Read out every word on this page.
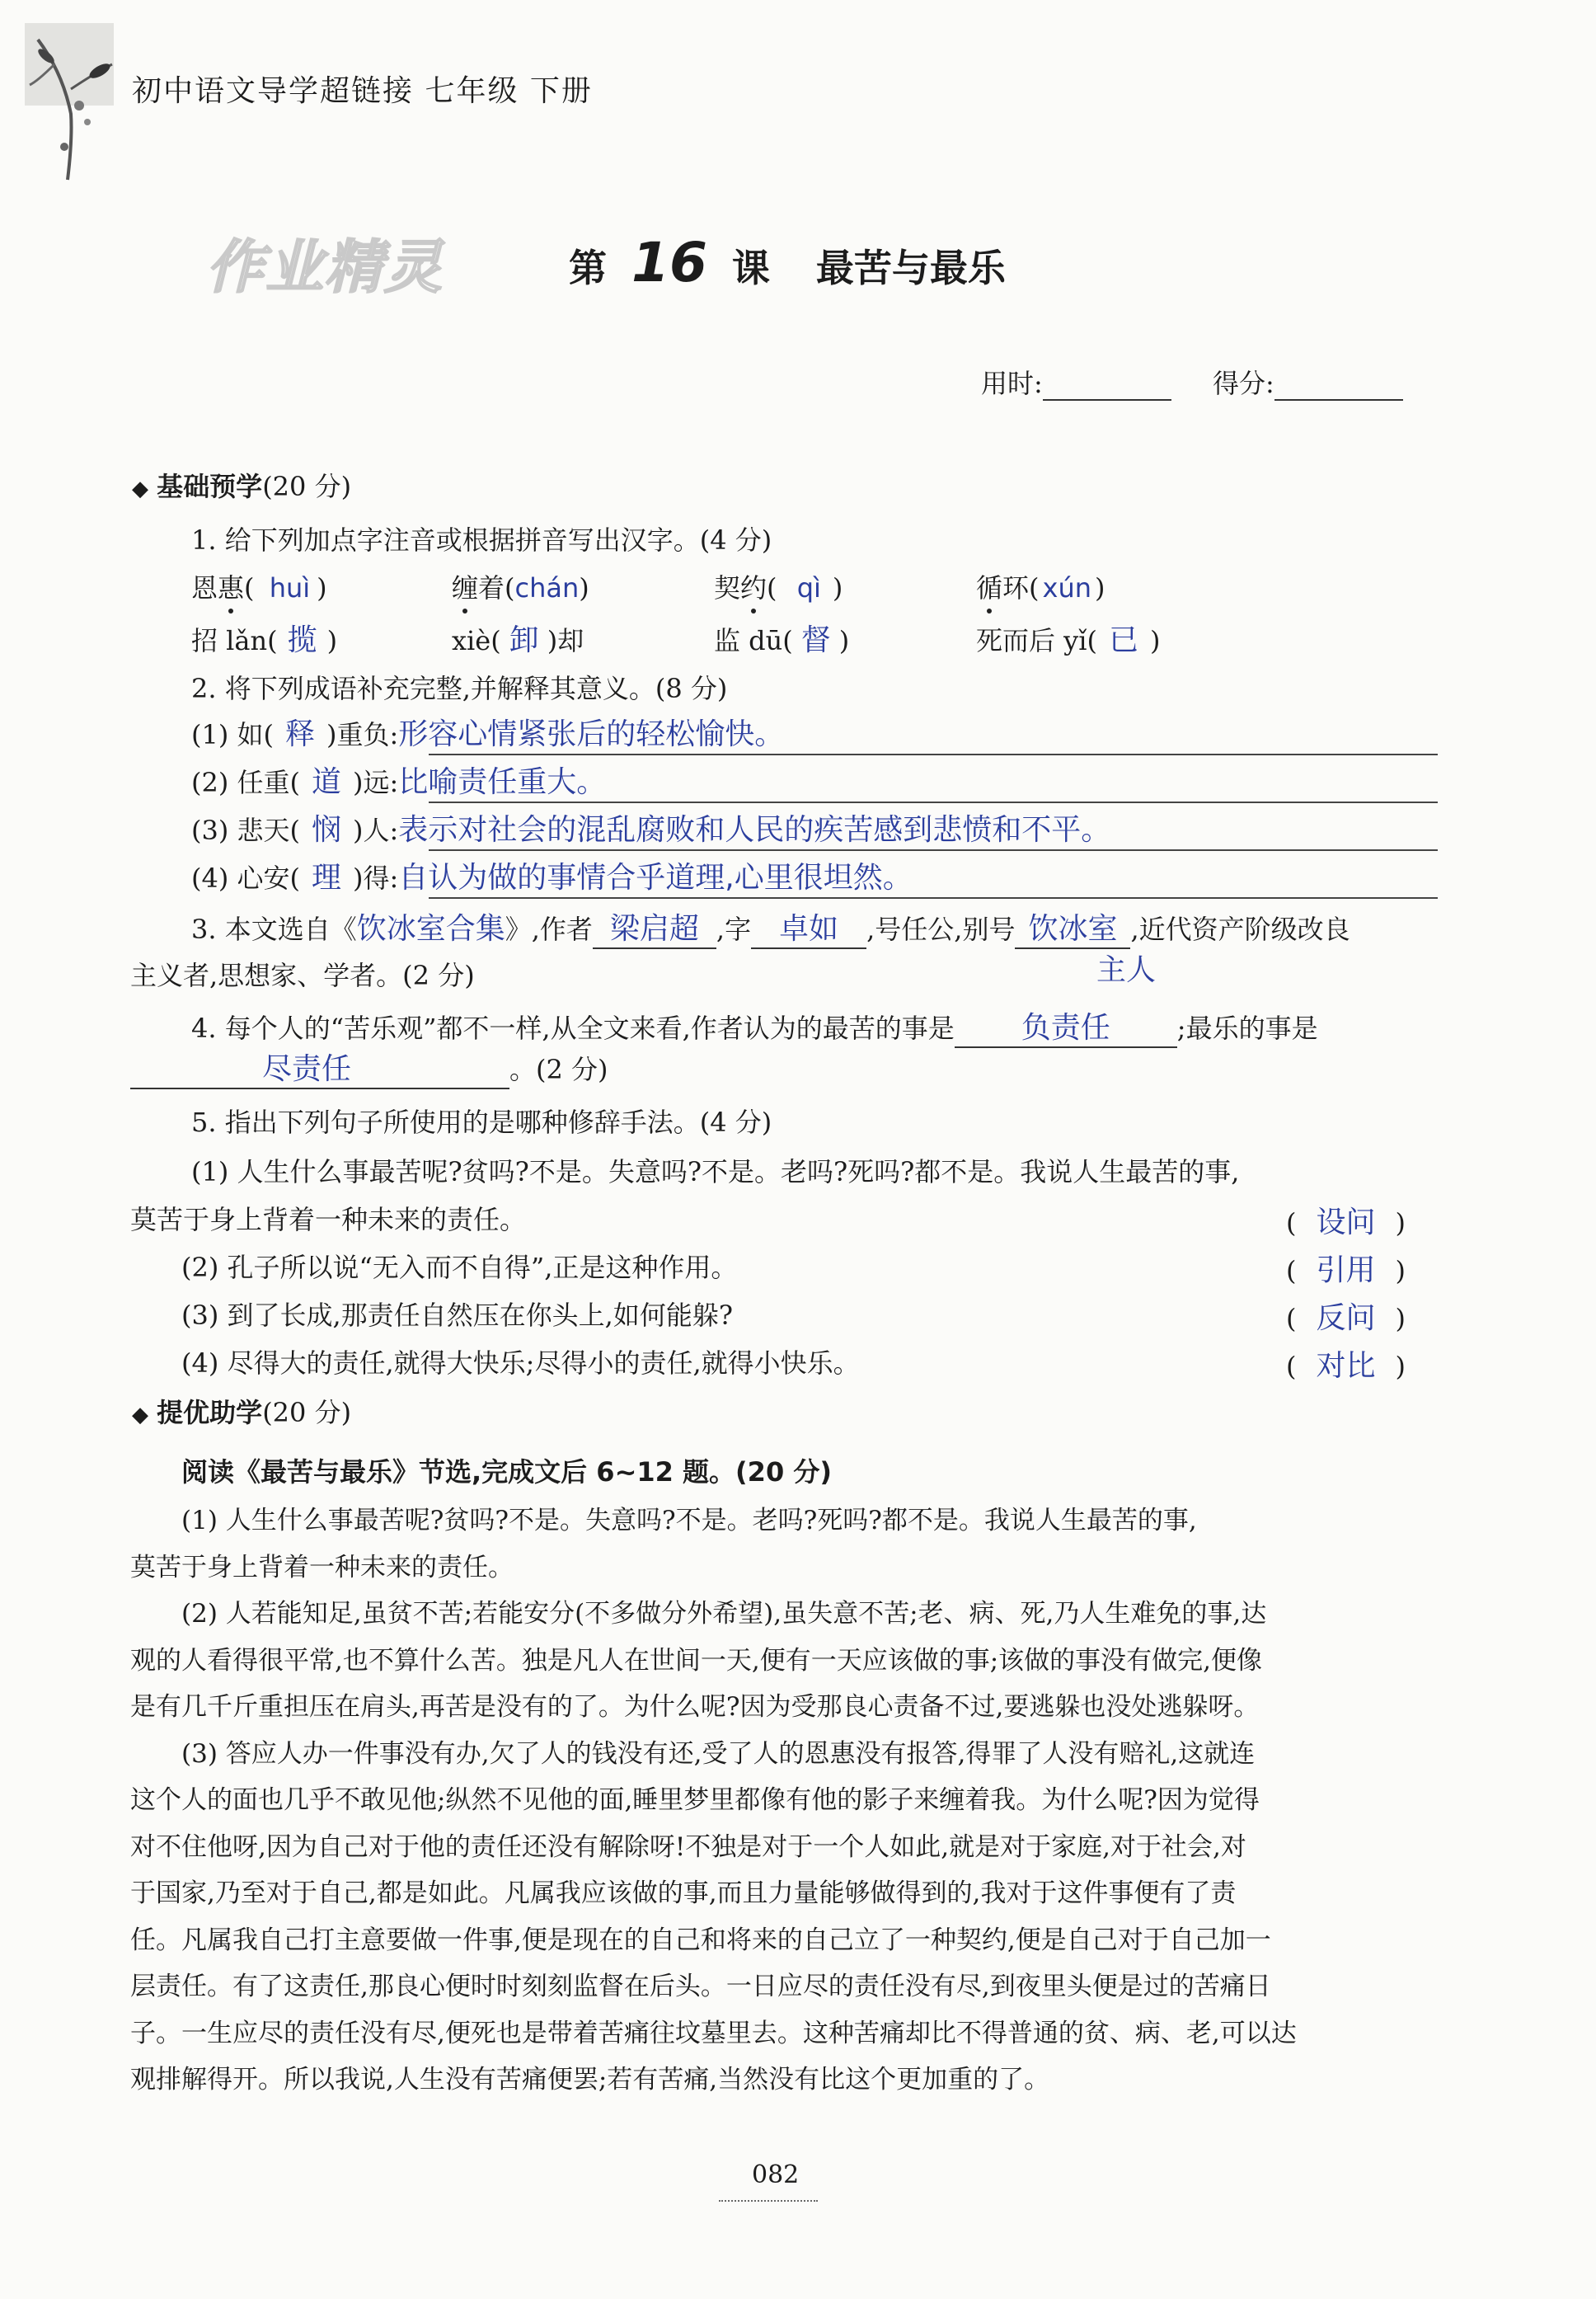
初中语文导学超链接 七年级 下册
作业精灵	第 16 课 最苦与最乐
用时:	得分:
◆ 基础预学(20 分)
1. 给下列加点字注音或根据拼音写出汉字。(4 分)
恩惠( huì )	缠着(chán)	契约( qì )	循环( xún )
招 lǎn( 揽 )	xiè( 卸 )却	监 dū( 督 )	死而后 yǐ( 已 )
2. 将下列成语补充完整,并解释其意义。(8 分)
(1) 如( 释 )重负:形容心情紧张后的轻松愉快。
(2) 任重( 道 )远:比喻责任重大。
(3) 悲天( 悯 )人:表示对社会的混乱腐败和人民的疾苦感到悲愤和不平。
(4) 心安( 理 )得:自认为做的事情合乎道理,心里很坦然。
3. 本文选自《饮冰室合集》,作者 梁启超 ,字 卓如 ,号任公,别号 饮冰室 ,近代资产阶级改良
主人
主义者,思想家、学者。(2 分)
4. 每个人的“苦乐观”都不一样,从全文来看,作者认为的最苦的事是 负责任	;最乐的事是
尽责任	。(2 分)
5. 指出下列句子所使用的是哪种修辞手法。(4 分)
(1) 人生什么事最苦呢?贫吗?不是。失意吗?不是。老吗?死吗?都不是。我说人生最苦的事,
莫苦于身上背着一种未来的责任。	( 设问 )
(2) 孔子所以说“无入而不自得”,正是这种作用。	( 引用 )
(3) 到了长成,那责任自然压在你头上,如何能躲?	( 反问 )
(4) 尽得大的责任,就得大快乐;尽得小的责任,就得小快乐。	( 对比 )
◆ 提优助学(20 分)
阅读《最苦与最乐》节选,完成文后 6~12 题。(20 分)
(1) 人生什么事最苦呢?贫吗?不是。失意吗?不是。老吗?死吗?都不是。我说人生最苦的事,
莫苦于身上背着一种未来的责任。
(2) 人若能知足,虽贫不苦;若能安分(不多做分外希望),虽失意不苦;老、病、死,乃人生难免的事,达
观的人看得很平常,也不算什么苦。独是凡人在世间一天,便有一天应该做的事;该做的事没有做完,便像
是有几千斤重担压在肩头,再苦是没有的了。为什么呢?因为受那良心责备不过,要逃躲也没处逃躲呀。
(3) 答应人办一件事没有办,欠了人的钱没有还,受了人的恩惠没有报答,得罪了人没有赔礼,这就连
这个人的面也几乎不敢见他;纵然不见他的面,睡里梦里都像有他的影子来缠着我。为什么呢?因为觉得
对不住他呀,因为自己对于他的责任还没有解除呀!不独是对于一个人如此,就是对于家庭,对于社会,对
于国家,乃至对于自己,都是如此。凡属我应该做的事,而且力量能够做得到的,我对于这件事便有了责
任。凡属我自己打主意要做一件事,便是现在的自己和将来的自己立了一种契约,便是自己对于自己加一
层责任。有了这责任,那良心便时时刻刻监督在后头。一日应尽的责任没有尽,到夜里头便是过的苦痛日
子。一生应尽的责任没有尽,便死也是带着苦痛往坟墓里去。这种苦痛却比不得普通的贫、病、老,可以达
观排解得开。所以我说,人生没有苦痛便罢;若有苦痛,当然没有比这个更加重的了。
082
